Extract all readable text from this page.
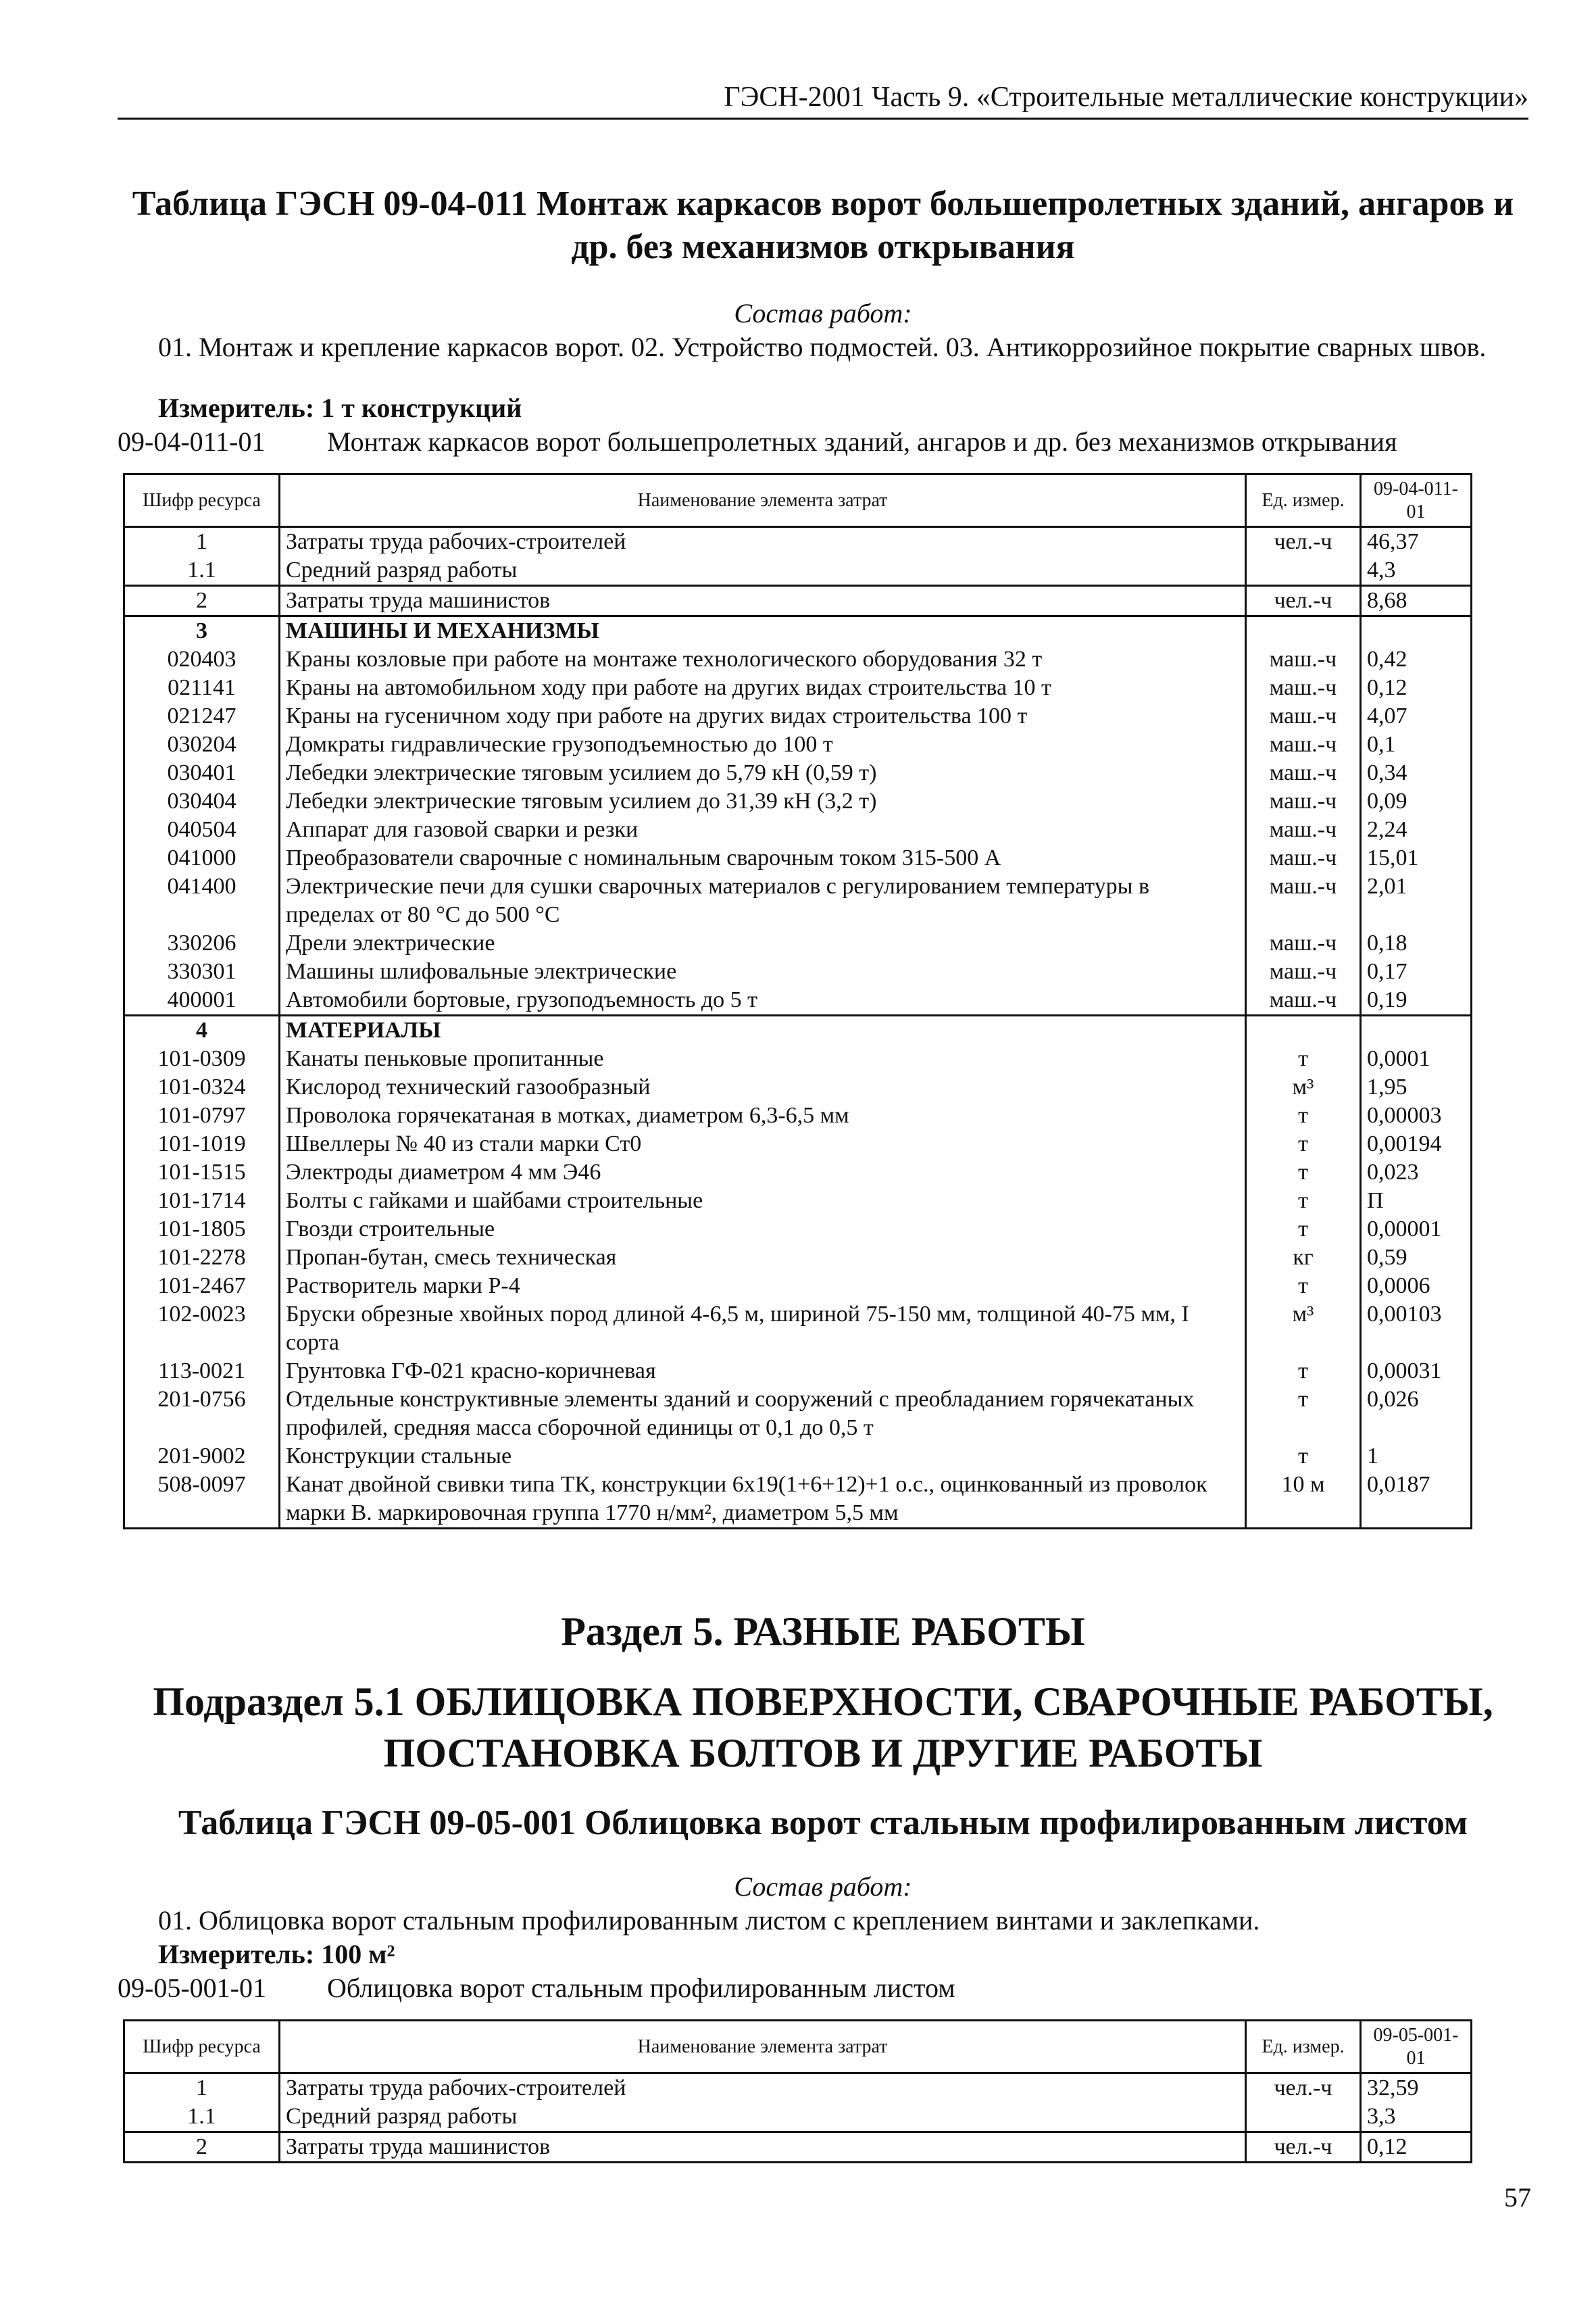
ГЭСН-2001 Часть 9. «Строительные металлические конструкции»
Таблица ГЭСН 09-04-011 Монтаж каркасов ворот большепролетных зданий, ангаров и др. без механизмов открывания
Состав работ:
01. Монтаж и крепление каркасов ворот. 02. Устройство подмостей. 03. Антикоррозийное покрытие сварных швов.
Измеритель: 1 т конструкций
09-04-011-01 Монтаж каркасов ворот большепролетных зданий, ангаров и др. без механизмов открывания
Шифр ресурса	Наименование элемента затрат	Ед. измер.	09-04-011-01
1	Затраты труда рабочих-строителей	чел.-ч	46,37
1.1	Средний разряд работы		4,3
2	Затраты труда машинистов	чел.-ч	8,68
3	МАШИНЫ И МЕХАНИЗМЫ		
020403	Краны козловые при работе на монтаже технологического оборудования 32 т	маш.-ч	0,42
021141	Краны на автомобильном ходу при работе на других видах строительства 10 т	маш.-ч	0,12
021247	Краны на гусеничном ходу при работе на других видах строительства 100 т	маш.-ч	4,07
030204	Домкраты гидравлические грузоподъемностью до 100 т	маш.-ч	0,1
030401	Лебедки электрические тяговым усилием до 5,79 кН (0,59 т)	маш.-ч	0,34
030404	Лебедки электрические тяговым усилием до 31,39 кН (3,2 т)	маш.-ч	0,09
040504	Аппарат для газовой сварки и резки	маш.-ч	2,24
041000	Преобразователи сварочные с номинальным сварочным током 315-500 А	маш.-ч	15,01
041400	Электрические печи для сушки сварочных материалов с регулированием температуры в пределах от 80 °С до 500 °С	маш.-ч	2,01
330206	Дрели электрические	маш.-ч	0,18
330301	Машины шлифовальные электрические	маш.-ч	0,17
400001	Автомобили бортовые, грузоподъемность до 5 т	маш.-ч	0,19
4	МАТЕРИАЛЫ		
101-0309	Канаты пеньковые пропитанные	т	0,0001
101-0324	Кислород технический газообразный	м³	1,95
101-0797	Проволока горячекатаная в мотках, диаметром 6,3-6,5 мм	т	0,00003
101-1019	Швеллеры № 40 из стали марки Ст0	т	0,00194
101-1515	Электроды диаметром 4 мм Э46	т	0,023
101-1714	Болты с гайками и шайбами строительные	т	П
101-1805	Гвозди строительные	т	0,00001
101-2278	Пропан-бутан, смесь техническая	кг	0,59
101-2467	Растворитель марки Р-4	т	0,0006
102-0023	Бруски обрезные хвойных пород длиной 4-6,5 м, шириной 75-150 мм, толщиной 40-75 мм, I сорта	м³	0,00103
113-0021	Грунтовка ГФ-021 красно-коричневая	т	0,00031
201-0756	Отдельные конструктивные элементы зданий и сооружений с преобладанием горячекатаных профилей, средняя масса сборочной единицы от 0,1 до 0,5 т	т	0,026
201-9002	Конструкции стальные	т	1
508-0097	Канат двойной свивки типа ТК, конструкции 6х19(1+6+12)+1 о.с., оцинкованный из проволок марки В. маркировочная группа 1770 н/мм², диаметром 5,5 мм	10 м	0,0187
Раздел 5. РАЗНЫЕ РАБОТЫ
Подраздел 5.1 ОБЛИЦОВКА ПОВЕРХНОСТИ, СВАРОЧНЫЕ РАБОТЫ, ПОСТАНОВКА БОЛТОВ И ДРУГИЕ РАБОТЫ
Таблица ГЭСН 09-05-001 Облицовка ворот стальным профилированным листом
Состав работ:
01. Облицовка ворот стальным профилированным листом с креплением винтами и заклепками.
Измеритель: 100 м²
09-05-001-01 Облицовка ворот стальным профилированным листом
Шифр ресурса	Наименование элемента затрат	Ед. измер.	09-05-001-01
1	Затраты труда рабочих-строителей	чел.-ч	32,59
1.1	Средний разряд работы		3,3
2	Затраты труда машинистов	чел.-ч	0,12
57
